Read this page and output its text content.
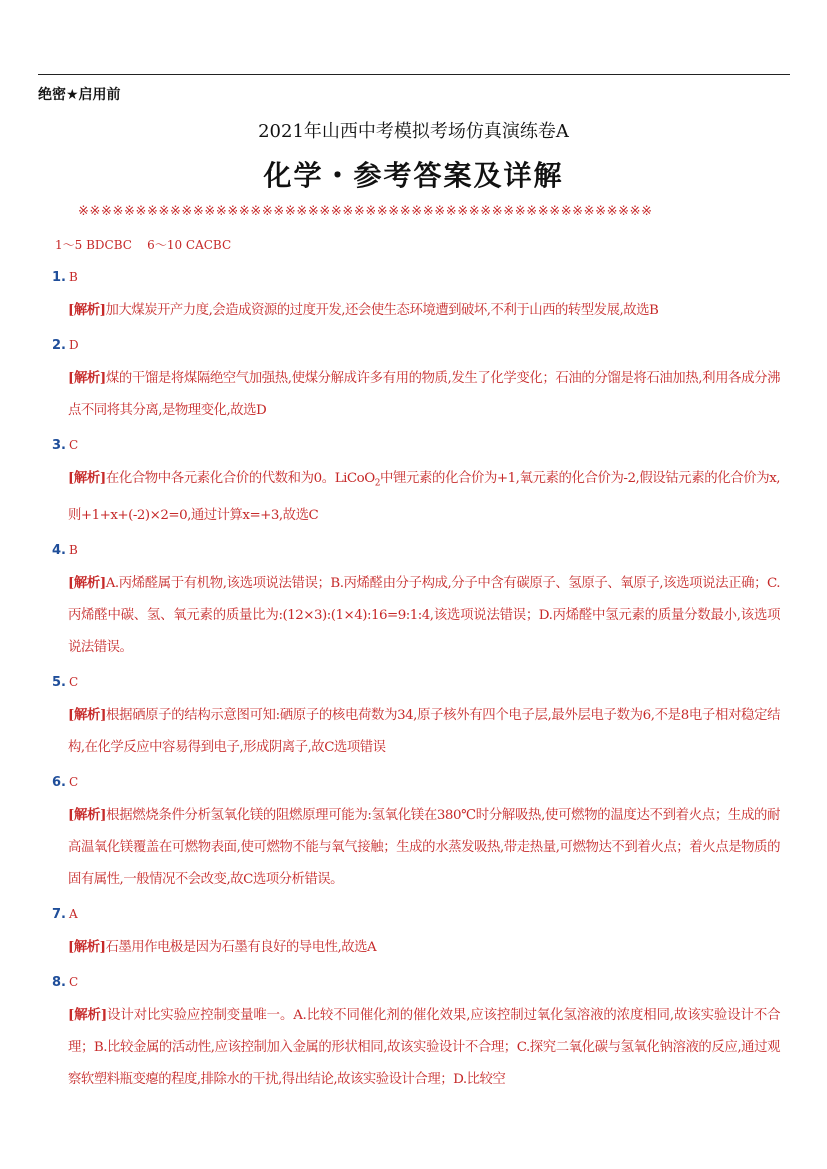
绝密★启用前
2021年山西中考模拟考场仿真演练卷A
化学・参考答案及详解
※※※※※※※※※※※※※※※※※※※※※※※※※※※※※※※※※※※※※※※※※※※※※※※※※※
1～5 BDCBC    6～10 CACBC
1. B
[解析]加大煤炭开产力度,会造成资源的过度开发,还会使生态环境遭到破坏,不利于山西的转型发展,故选B
2. D
[解析]煤的干馏是将煤隔绝空气加强热,使煤分解成许多有用的物质,发生了化学变化；石油的分馏是将石油加热,利用各成分沸点不同将其分离,是物理变化,故选D
3. C
[解析]在化合物中各元素化合价的代数和为0。LiCoO$_2$中锂元素的化合价为+1,氧元素的化合价为-2,假设钴元素的化合价为x,则+1+x+(-2)×2=0,通过计算x=+3,故选C
4. B
[解析]A.丙烯醛属于有机物,该选项说法错误；B.丙烯醛由分子构成,分子中含有碳原子、氢原子、氧原子,该选项说法正确；C.丙烯醛中碳、氢、氧元素的质量比为:(12×3):(1×4):16=9:1:4,该选项说法错误；D.丙烯醛中氢元素的质量分数最小,该选项说法错误。
5. C
[解析]根据硒原子的结构示意图可知:硒原子的核电荷数为34,原子核外有四个电子层,最外层电子数为6,不是8电子相对稳定结构,在化学反应中容易得到电子,形成阴离子,故C选项错误
6. C
[解析]根据燃烧条件分析氢氧化镁的阻燃原理可能为:氢氧化镁在380℃时分解吸热,使可燃物的温度达不到着火点；生成的耐高温氧化镁覆盖在可燃物表面,使可燃物不能与氧气接触；生成的水蒸发吸热,带走热量,可燃物达不到着火点；着火点是物质的固有属性,一般情况不会改变,故C选项分析错误。
7. A
[解析]石墨用作电极是因为石墨有良好的导电性,故选A
8. C
[解析]设计对比实验应控制变量唯一。A.比较不同催化剂的催化效果,应该控制过氧化氢溶液的浓度相同,故该实验设计不合理；B.比较金属的活动性,应该控制加入金属的形状相同,故该实验设计不合理；C.探究二氧化碳与氢氧化钠溶液的反应,通过观察软塑料瓶变瘪的程度,排除水的干扰,得出结论,故该实验设计合理；D.比较空
